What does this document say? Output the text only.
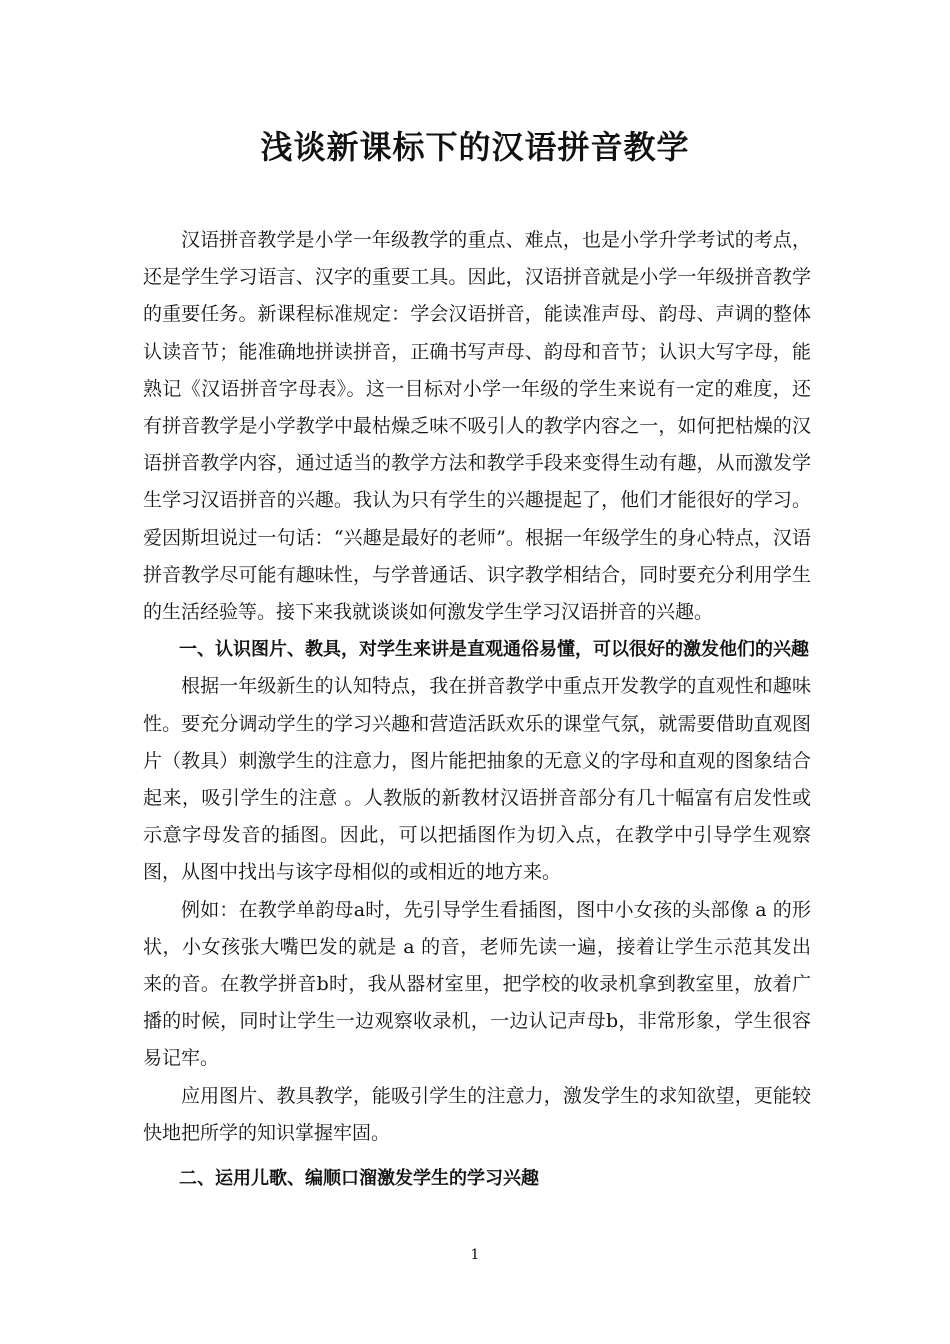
浅谈新课标下的汉语拼音教学

汉语拼音教学是小学一年级教学的重点、难点，也是小学升学考试的考点，还是学生学习语言、汉字的重要工具。因此，汉语拼音就是小学一年级拼音教学的重要任务。新课程标准规定：学会汉语拼音，能读准声母、韵母、声调的整体认读音节；能准确地拼读拼音，正确书写声母、韵母和音节；认识大写字母，能熟记《汉语拼音字母表》。这一目标对小学一年级的学生来说有一定的难度，还有拼音教学是小学教学中最枯燥乏味不吸引人的教学内容之一，如何把枯燥的汉语拼音教学内容，通过适当的教学方法和教学手段来变得生动有趣，从而激发学生学习汉语拼音的兴趣。我认为只有学生的兴趣提起了，他们才能很好的学习。爱因斯坦说过一句话：“兴趣是最好的老师”。根据一年级学生的身心特点，汉语拼音教学尽可能有趣味性，与学普通话、识字教学相结合，同时要充分利用学生的生活经验等。接下来我就谈谈如何激发学生学习汉语拼音的兴趣。

一、认识图片、教具，对学生来讲是直观通俗易懂，可以很好的激发他们的兴趣

根据一年级新生的认知特点，我在拼音教学中重点开发教学的直观性和趣味性。要充分调动学生的学习兴趣和营造活跃欢乐的课堂气氛，就需要借助直观图片（教具）刺激学生的注意力，图片能把抽象的无意义的字母和直观的图象结合起来，吸引学生的注意 。人教版的新教材汉语拼音部分有几十幅富有启发性或示意字母发音的插图。因此，可以把插图作为切入点，在教学中引导学生观察图，从图中找出与该字母相似的或相近的地方来。

例如：在教学单韵母a时，先引导学生看插图，图中小女孩的头部像 a 的形状，小女孩张大嘴巴发的就是 a 的音，老师先读一遍，接着让学生示范其发出来的音。在教学拼音b时，我从器材室里，把学校的收录机拿到教室里，放着广播的时候，同时让学生一边观察收录机，一边认记声母b，非常形象，学生很容易记牢。

应用图片、教具教学，能吸引学生的注意力，激发学生的求知欲望，更能较快地把所学的知识掌握牢固。

二、运用儿歌、编顺口溜激发学生的学习兴趣

1
